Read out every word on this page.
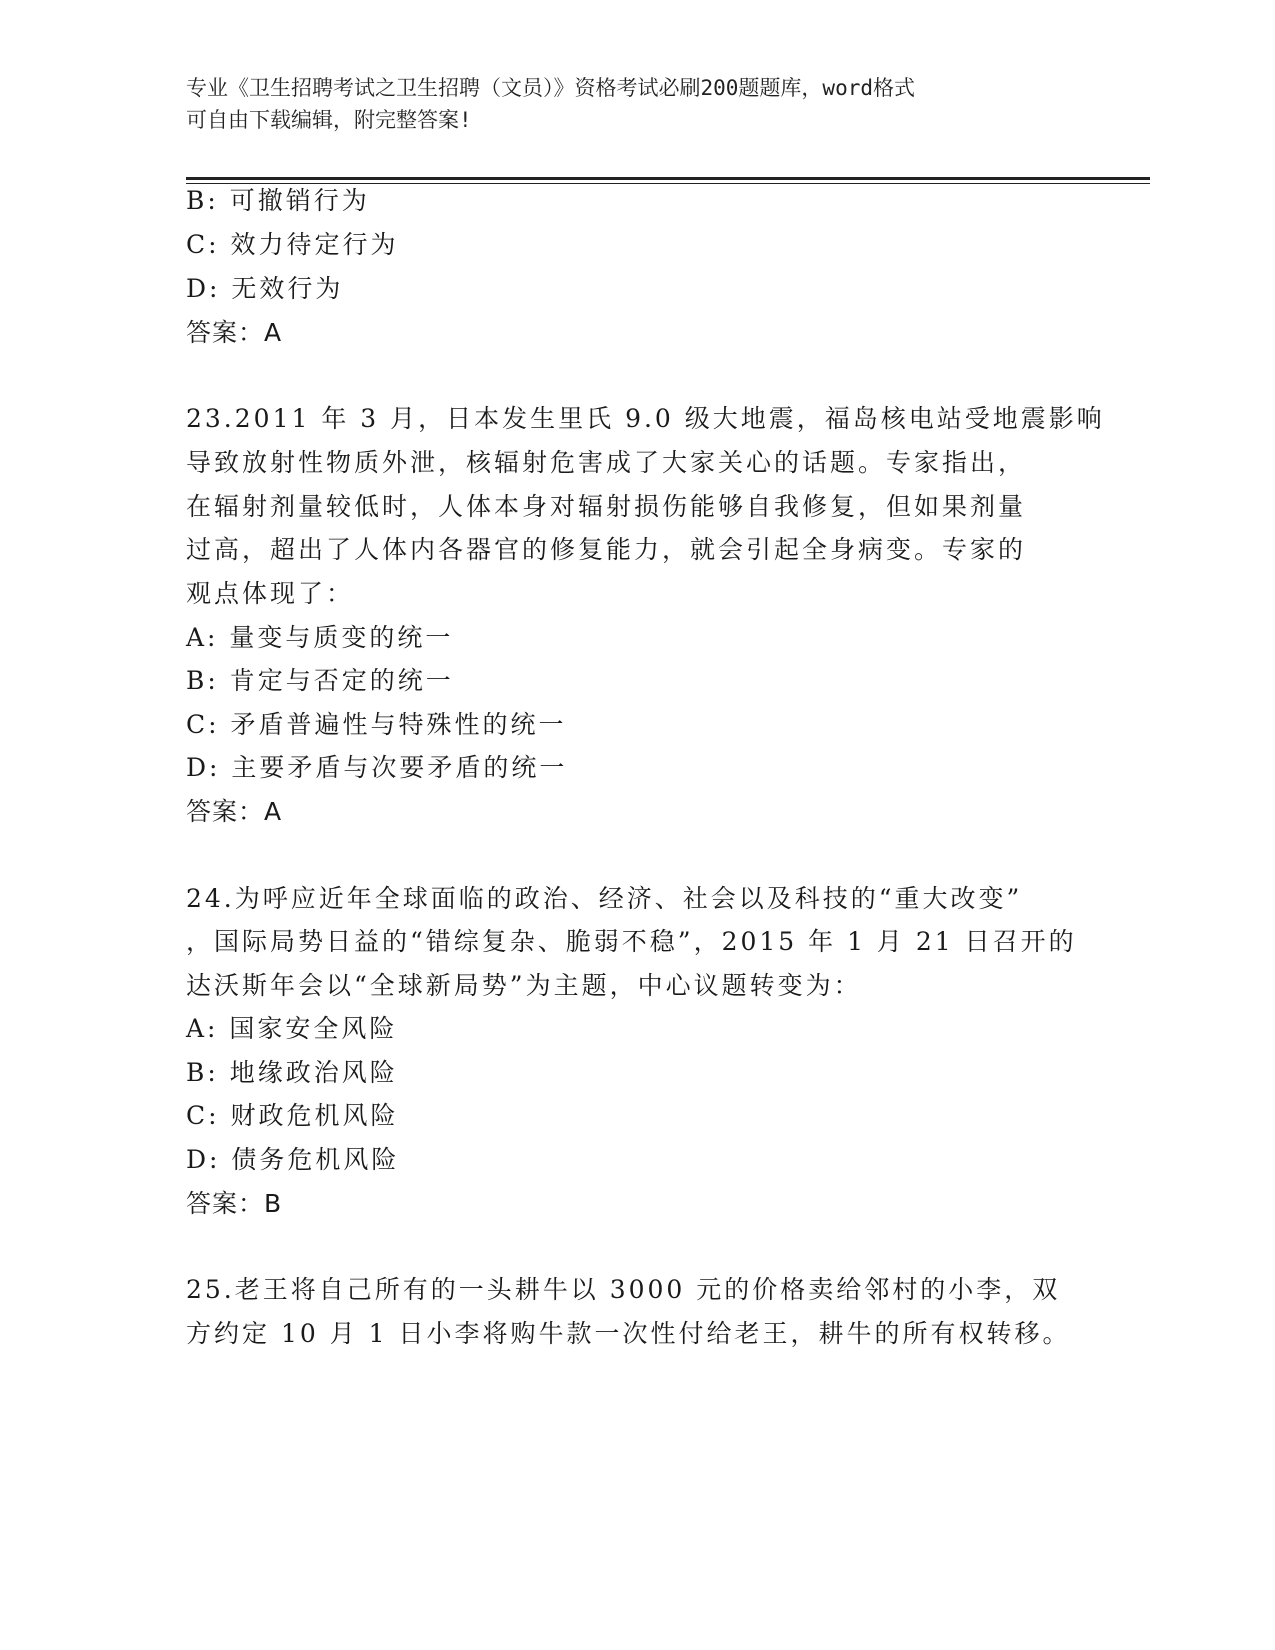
专业《卫生招聘考试之卫生招聘（文员）》资格考试必刷200题题库，word格式
可自由下载编辑，附完整答案!
B: 可撤销行为
C: 效力待定行为
D: 无效行为
答案：A
23.2011 年 3 月，日本发生里氏 9.0 级大地震，福岛核电站受地震影响
导致放射性物质外泄，核辐射危害成了大家关心的话题。专家指出，
在辐射剂量较低时，人体本身对辐射损伤能够自我修复，但如果剂量
过高，超出了人体内各器官的修复能力，就会引起全身病变。专家的
观点体现了：
A: 量变与质变的统一
B: 肯定与否定的统一
C: 矛盾普遍性与特殊性的统一
D: 主要矛盾与次要矛盾的统一
答案：A
24.为呼应近年全球面临的政治、经济、社会以及科技的“重大改变”
，国际局势日益的“错综复杂、脆弱不稳”，2015 年 1 月 21 日召开的
达沃斯年会以“全球新局势”为主题，中心议题转变为：
A: 国家安全风险
B: 地缘政治风险
C: 财政危机风险
D: 债务危机风险
答案：B
25.老王将自己所有的一头耕牛以 3000 元的价格卖给邻村的小李，双
方约定 10 月 1 日小李将购牛款一次性付给老王，耕牛的所有权转移。
